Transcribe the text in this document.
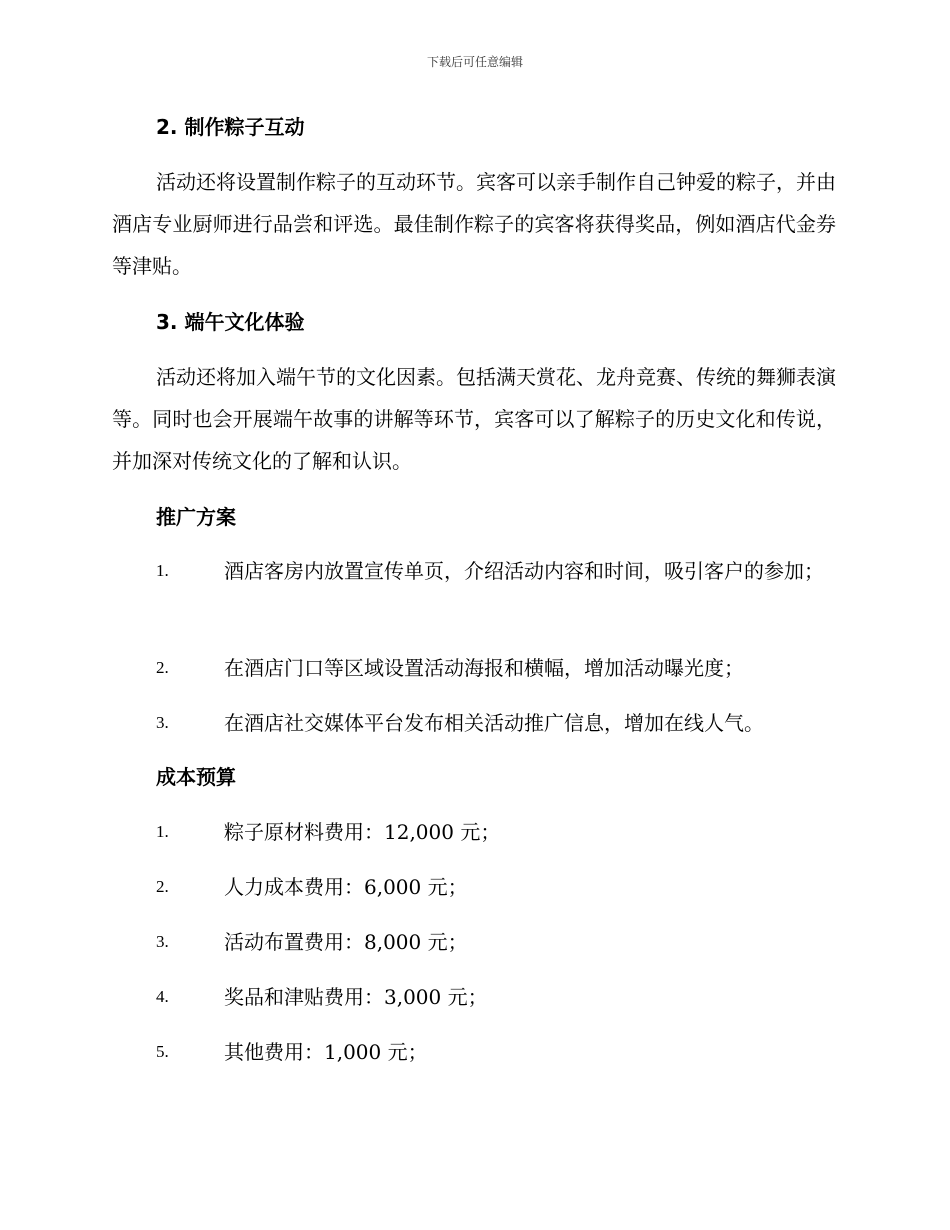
下载后可任意编辑
2. 制作粽子互动
活动还将设置制作粽子的互动环节。宾客可以亲手制作自己钟爱的粽子，并由酒店专业厨师进行品尝和评选。最佳制作粽子的宾客将获得奖品，例如酒店代金券等津贴。
3. 端午文化体验
活动还将加入端午节的文化因素。包括满天赏花、龙舟竞赛、传统的舞狮表演等。同时也会开展端午故事的讲解等环节，宾客可以了解粽子的历史文化和传说，并加深对传统文化的了解和认识。
推广方案
1.	酒店客房内放置宣传单页，介绍活动内容和时间，吸引客户的参加；
2.	在酒店门口等区域设置活动海报和横幅，增加活动曝光度；
3.	在酒店社交媒体平台发布相关活动推广信息，增加在线人气。
成本预算
1.	粽子原材料费用：12,000 元；
2.	人力成本费用：6,000 元；
3.	活动布置费用：8,000 元；
4.	奖品和津贴费用：3,000 元；
5.	其他费用：1,000 元；
